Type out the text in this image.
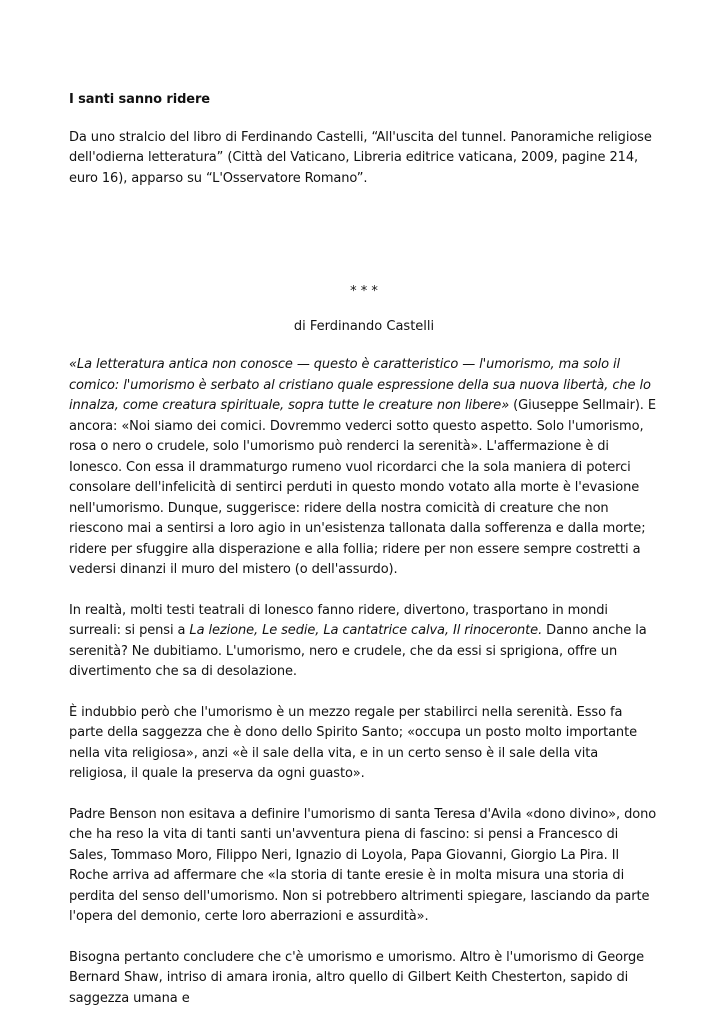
I santi sanno ridere

Da uno stralcio del libro di Ferdinando Castelli, “All'uscita del tunnel. Panoramiche religiose dell'odierna letteratura” (Città del Vaticano, Libreria editrice vaticana, 2009, pagine 214, euro 16), apparso su “L'Osservatore Romano”.

* * *
di Ferdinando Castelli

«La letteratura antica non conosce — questo è caratteristico — l'umorismo, ma solo il comico: l'umorismo è serbato al cristiano quale espressione della sua nuova libertà, che lo innalza, come creatura spirituale, sopra tutte le creature non libere» (Giuseppe Sellmair). E ancora: «Noi siamo dei comici. Dovremmo vederci sotto questo aspetto. Solo l'umorismo, rosa o nero o crudele, solo l'umorismo può renderci la serenità». L'affermazione è di Ionesco. Con essa il drammaturgo rumeno vuol ricordarci che la sola maniera di poterci consolare dell'infelicità di sentirci perduti in questo mondo votato alla morte è l'evasione nell'umorismo. Dunque, suggerisce: ridere della nostra comicità di creature che non riescono mai a sentirsi a loro agio in un'esistenza tallonata dalla sofferenza e dalla morte; ridere per sfuggire alla disperazione e alla follia; ridere per non essere sempre costretti a vedersi dinanzi il muro del mistero (o dell'assurdo).

In realtà, molti testi teatrali di Ionesco fanno ridere, divertono, trasportano in mondi surreali: si pensi a La lezione, Le sedie, La cantatrice calva, Il rinoceronte. Danno anche la serenità? Ne dubitiamo. L'umorismo, nero e crudele, che da essi si sprigiona, offre un divertimento che sa di desolazione.

È indubbio però che l'umorismo è un mezzo regale per stabilirci nella serenità. Esso fa parte della saggezza che è dono dello Spirito Santo; «occupa un posto molto importante nella vita religiosa», anzi «è il sale della vita, e in un certo senso è il sale della vita religiosa, il quale la preserva da ogni guasto».

Padre Benson non esitava a definire l'umorismo di santa Teresa d'Avila «dono divino», dono che ha reso la vita di tanti santi un'avventura piena di fascino: si pensi a Francesco di Sales, Tommaso Moro, Filippo Neri, Ignazio di Loyola, Papa Giovanni, Giorgio La Pira. Il Roche arriva ad affermare che «la storia di tante eresie è in molta misura una storia di perdita del senso dell'umorismo. Non si potrebbero altrimenti spiegare, lasciando da parte l'opera del demonio, certe loro aberrazioni e assurdità».

Bisogna pertanto concludere che c'è umorismo e umorismo. Altro è l'umorismo di George Bernard Shaw, intriso di amara ironia, altro quello di Gilbert Keith Chesterton, sapido di saggezza umana e
